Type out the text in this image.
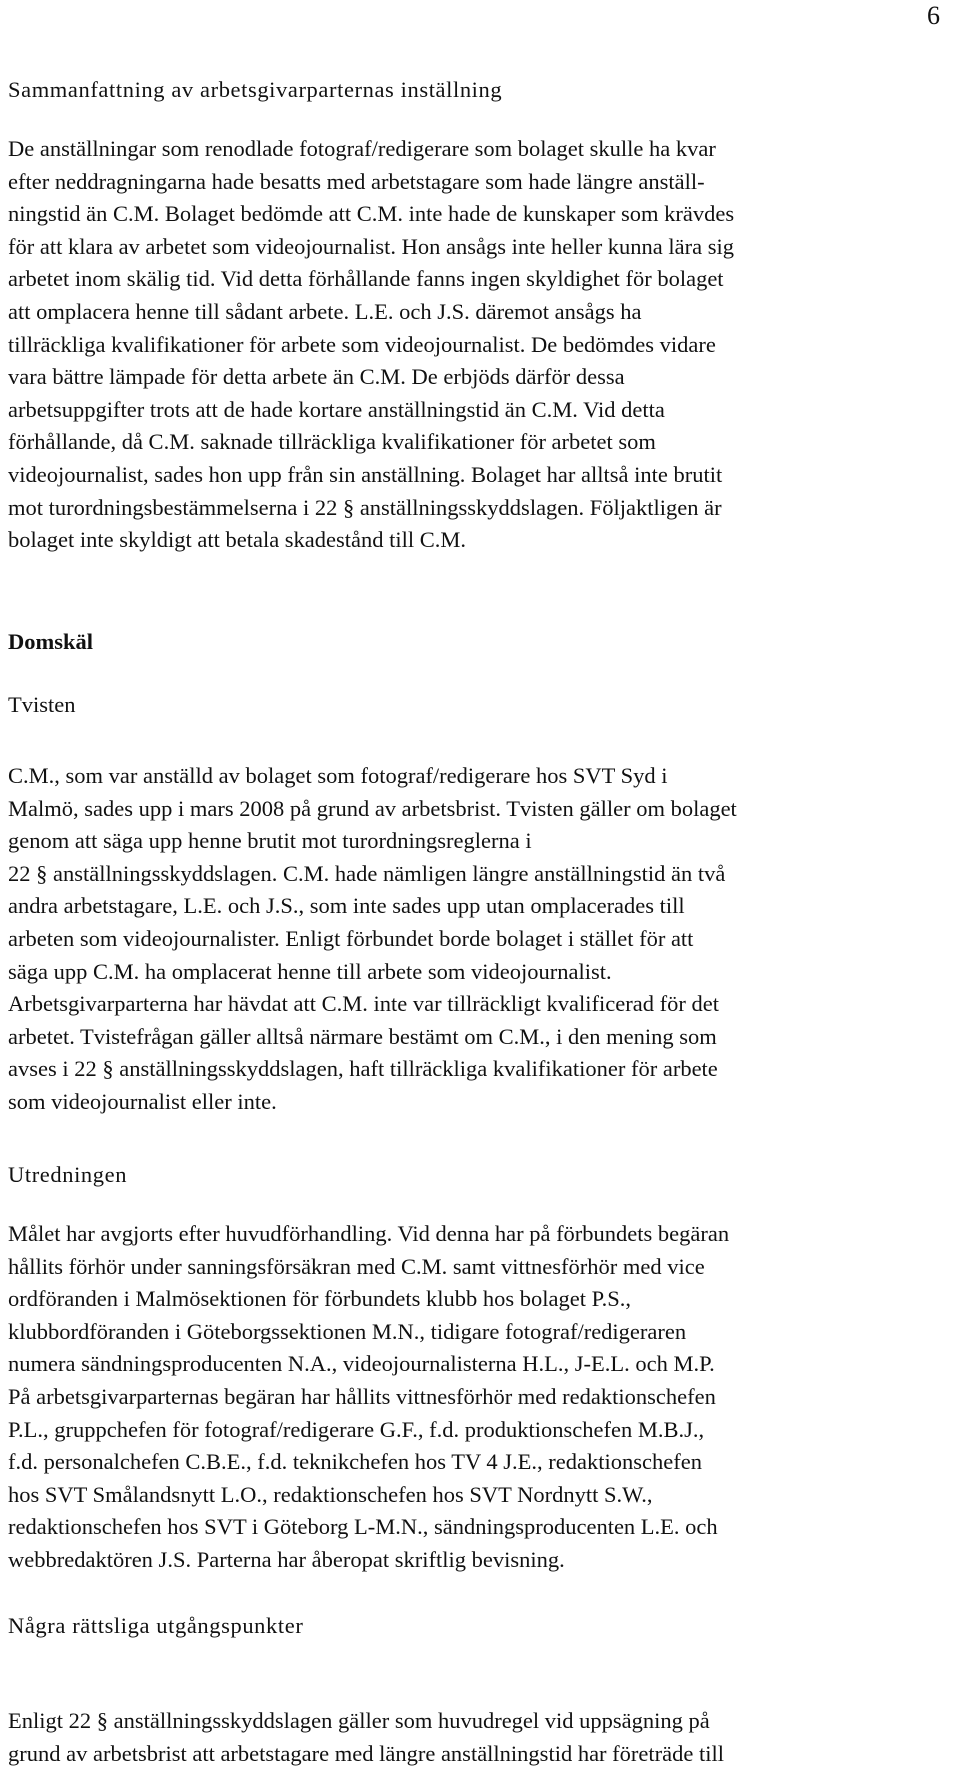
6
Sammanfattning av arbetsgivarparternas inställning
De anställningar som renodlade fotograf/redigerare som bolaget skulle ha kvar
efter neddragningarna hade besatts med arbetstagare som hade längre anställ-
ningstid än C.M. Bolaget bedömde att C.M. inte hade de kunskaper som krävdes
för att klara av arbetet som videojournalist. Hon ansågs inte heller kunna lära sig
arbetet inom skälig tid. Vid detta förhållande fanns ingen skyldighet för bolaget
att omplacera henne till sådant arbete. L.E. och J.S. däremot ansågs ha
tillräckliga kvalifikationer för arbete som videojournalist. De bedömdes vidare
vara bättre lämpade för detta arbete än C.M. De erbjöds därför dessa
arbetsuppgifter trots att de hade kortare anställningstid än C.M. Vid detta
förhållande, då C.M. saknade tillräckliga kvalifikationer för arbetet som
videojournalist, sades hon upp från sin anställning. Bolaget har alltså inte brutit
mot turordningsbestämmelserna i 22 § anställningsskyddslagen. Följaktligen är
bolaget inte skyldigt att betala skadestånd till C.M.
Domskäl
Tvisten
C.M., som var anställd av bolaget som fotograf/redigerare hos SVT Syd i
Malmö, sades upp i mars 2008 på grund av arbetsbrist. Tvisten gäller om bolaget
genom att säga upp henne brutit mot turordningsreglerna i
22 § anställningsskyddslagen. C.M. hade nämligen längre anställningstid än två
andra arbetstagare, L.E. och J.S., som inte sades upp utan omplacerades till
arbeten som videojournalister. Enligt förbundet borde bolaget i stället för att
säga upp C.M. ha omplacerat henne till arbete som videojournalist.
Arbetsgivarparterna har hävdat att C.M. inte var tillräckligt kvalificerad för det
arbetet. Tvistefrågan gäller alltså närmare bestämt om C.M., i den mening som
avses i 22 § anställningsskyddslagen, haft tillräckliga kvalifikationer för arbete
som videojournalist eller inte.
Utredningen
Målet har avgjorts efter huvudförhandling. Vid denna har på förbundets begäran
hållits förhör under sanningsförsäkran med C.M. samt vittnesförhör med vice
ordföranden i Malmösektionen för förbundets klubb hos bolaget P.S.,
klubbordföranden i Göteborgssektionen M.N., tidigare fotograf/redigeraren
numera sändningsproducenten N.A., videojournalisterna H.L., J-E.L. och M.P.
På arbetsgivarparternas begäran har hållits vittnesförhör med redaktionschefen
P.L., gruppchefen för fotograf/redigerare G.F., f.d. produktionschefen M.B.J.,
f.d. personalchefen C.B.E., f.d. teknikchefen hos TV 4 J.E., redaktionschefen
hos SVT Smålandsnytt L.O., redaktionschefen hos SVT Nordnytt S.W.,
redaktionschefen hos SVT i Göteborg L-M.N., sändningsproducenten L.E. och
webbredaktören J.S. Parterna har åberopat skriftlig bevisning.
Några rättsliga utgångspunkter
Enligt 22 § anställningsskyddslagen gäller som huvudregel vid uppsägning på
grund av arbetsbrist att arbetstagare med längre anställningstid har företräde till
